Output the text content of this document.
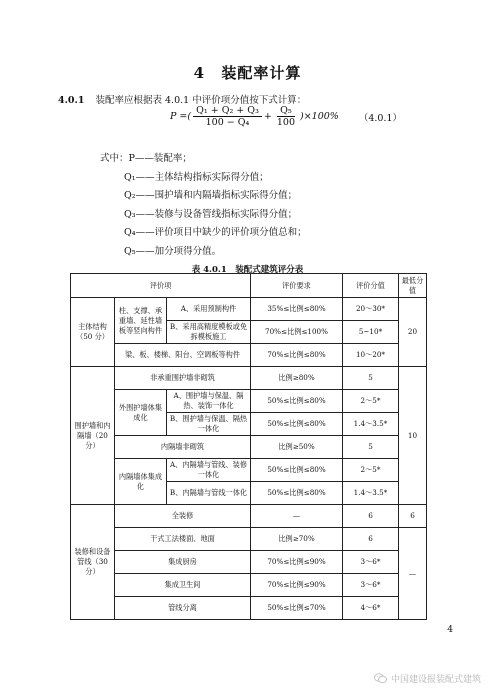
4 装配率计算
4.0.1 装配率应根据表 4.0.1 中评价项分值按下式计算：
P = ( $\frac{\text{Q₁ + Q₂ + Q₃}}{\text{100 − Q₄}} + \frac{\text{Q₅}}{100} )\times 100\%$ （4.0.1）
式中：P——装配率；
Q₁——主体结构指标实际得分值；
Q₂——围护墙和内隔墙指标实际得分值；
Q₃——装修与设备管线指标实际得分值；
Q₄——评价项目中缺少的评价项分值总和；
Q₅——加分项得分值。
表 4.0.1　装配式建筑评分表
评价项			评价要求	评价分值	最低分值
主体结构（50 分）	柱、支撑、承重墙、延性墙板等竖向构件	A、采用预制构件	35%≤比例≤80%	20～30*	20
		B、采用高精度模板或免拆模板施工	70%≤比例≤100%	5~10*	
	梁、板、楼梯、阳台、空调板等构件		70%≤比例≤80%	10～20*	
围护墙和内隔墙（20 分）	非承重围护墙非砌筑		比例≥80%	5	10
	外围护墙体集成化	A、围护墙与保温、隔热、装饰一体化	50%≤比例≤80%	2～5*	
		B、围护墙与保温、隔热一体化	50%≤比例≤80%	1.4～3.5*	
	内隔墙非砌筑		比例≥50%	5	
	内隔墙体集成化	A、内隔墙与管线、装修一体化	50%≤比例≤80%	2～5*	
		B、内隔墙与管线一体化	50%≤比例≤80%	1.4～3.5*	
装修和设备管线（30 分）	全装修		—	6	6
	干式工法楼面、地面		比例≥70%	6	—
	集成厨房		70%≤比例≤90%	3～6*	
	集成卫生间		70%≤比例≤90%	3～6*	
	管线分离		50%≤比例≤70%	4～6*	
4
中国建设报装配式建筑
